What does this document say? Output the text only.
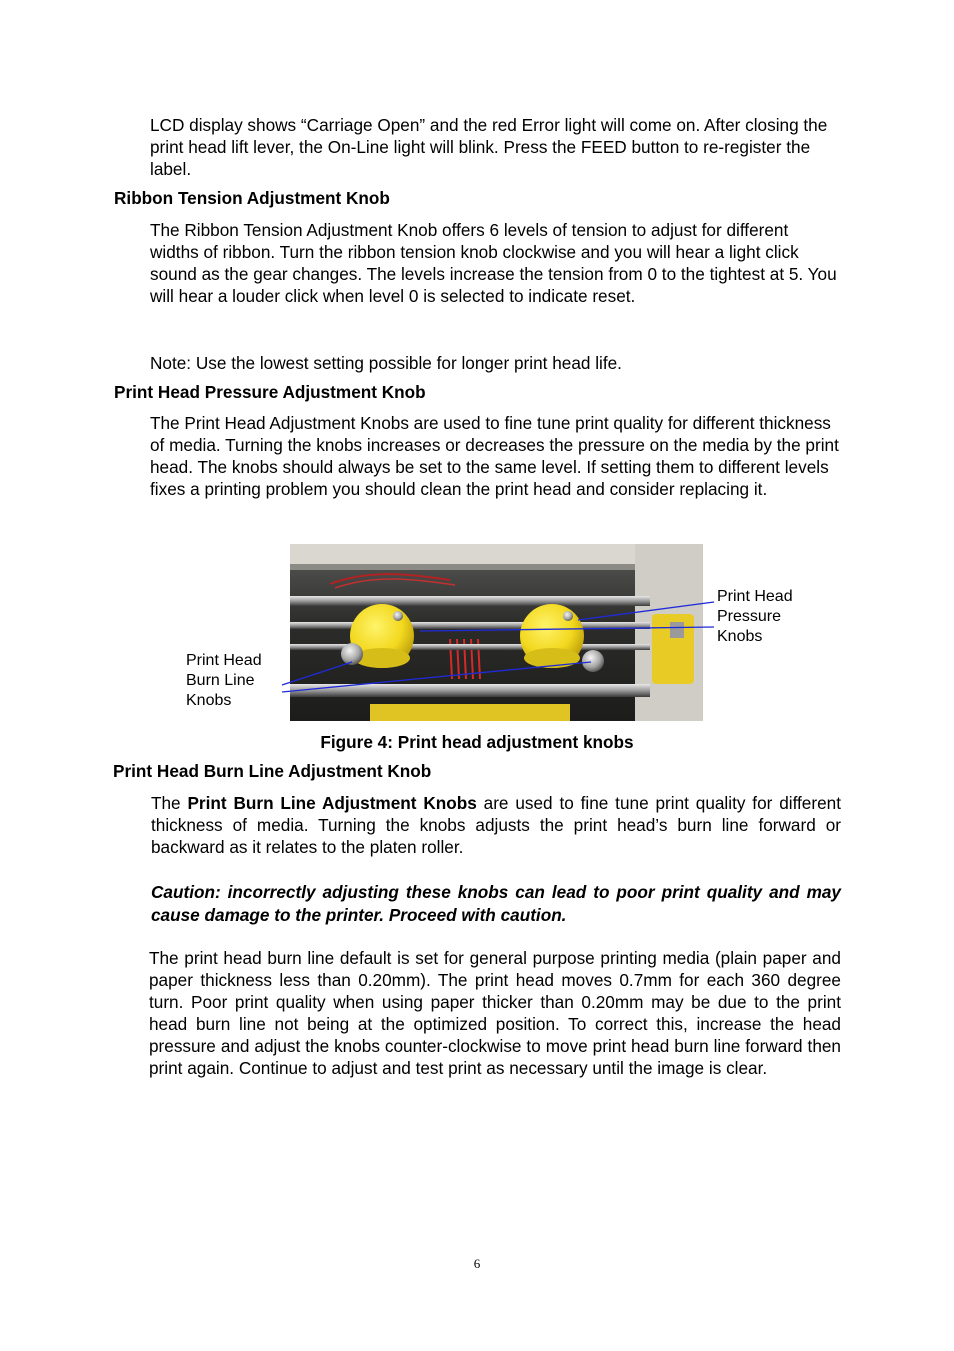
LCD display shows “Carriage Open” and the red Error light will come on. After closing the print head lift lever, the On-Line light will blink. Press the FEED button to re-register the label.

Ribbon Tension Adjustment Knob

The Ribbon Tension Adjustment Knob offers 6 levels of tension to adjust for different widths of ribbon. Turn the ribbon tension knob clockwise and you will hear a light click sound as the gear changes. The levels increase the tension from 0 to the tightest at 5. You will hear a louder click when level 0 is selected to indicate reset.

Note: Use the lowest setting possible for longer print head life.

Print Head Pressure Adjustment Knob

The Print Head Adjustment Knobs are used to fine tune print quality for different thickness of media. Turning the knobs increases or decreases the pressure on the media by the print head. The knobs should always be set to the same level. If setting them to different levels fixes a printing problem you should clean the print head and consider replacing it.

Print Head
Pressure
Knobs
Print Head
Burn Line
Knobs
Figure 4: Print head adjustment knobs
Print Head Burn Line Adjustment Knob

The Print Burn Line Adjustment Knobs are used to fine tune print quality for different thickness of media. Turning the knobs adjusts the print head’s burn line forward or backward as it relates to the platen roller.

Caution: incorrectly adjusting these knobs can lead to poor print quality and may cause damage to the printer. Proceed with caution.

The print head burn line default is set for general purpose printing media (plain paper and paper thickness less than 0.20mm). The print head moves 0.7mm for each 360 degree turn. Poor print quality when using paper thicker than 0.20mm may be due to the print head burn line not being at the optimized position. To correct this, increase the head pressure and adjust the knobs counter-clockwise to move print head burn line forward then print again. Continue to adjust and test print as necessary until the image is clear.

6
